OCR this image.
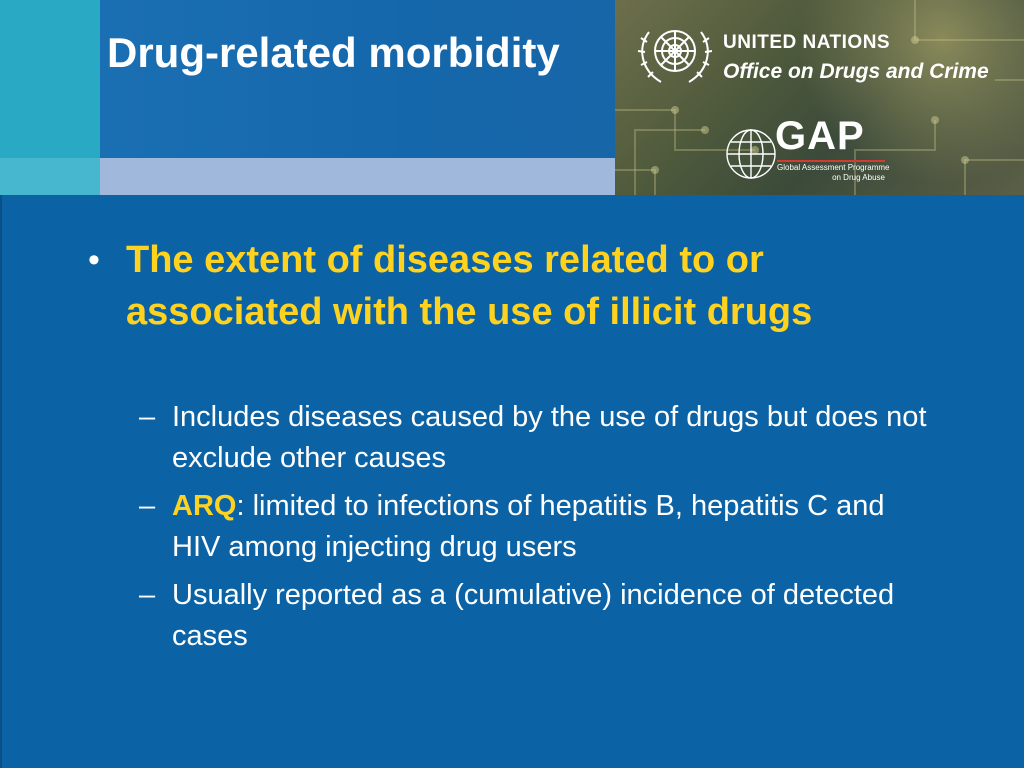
Drug-related morbidity	UNITED NATIONS

Office on Drugs and Crime

GAP

Global Assessment Programme

on Drug Abuse

• The extent of diseases related to or associated with the use of illicit drugs

– Includes diseases caused by the use of drugs but does not exclude other causes

– ARQ: limited to infections of hepatitis B, hepatitis C and HIV among injecting drug users

– Usually reported as a (cumulative) incidence of detected cases
